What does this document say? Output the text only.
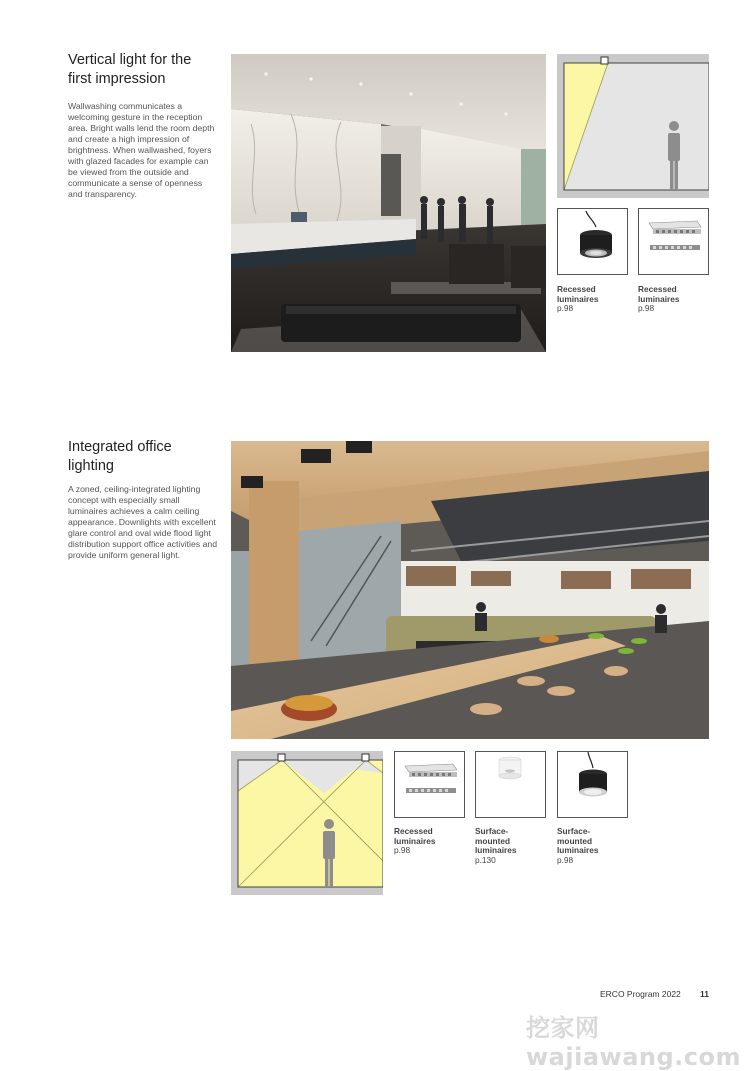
Vertical light for the first impression

Wallwashing communicates a welcoming gesture in the reception area. Bright walls lend the room depth and create a high impression of brightness. When wallwashed, foyers with glazed facades for example can be viewed from the outside and communicate a sense of openness and transparency.

Recessed
luminaires
p.98
Recessed
luminaires
p.98
Integrated office lighting

A zoned, ceiling-integrated lighting concept with especially small luminaires achieves a calm ceiling appearance. Downlights with excellent glare control and oval wide flood light distribution support office activities and provide uniform general light.

Recessed
luminaires
p.98
Surface-
mounted
luminaires
p.130
Surface-
mounted
luminaires
p.98
ERCO Program 2022 11
挖家网 wajiawang.com
